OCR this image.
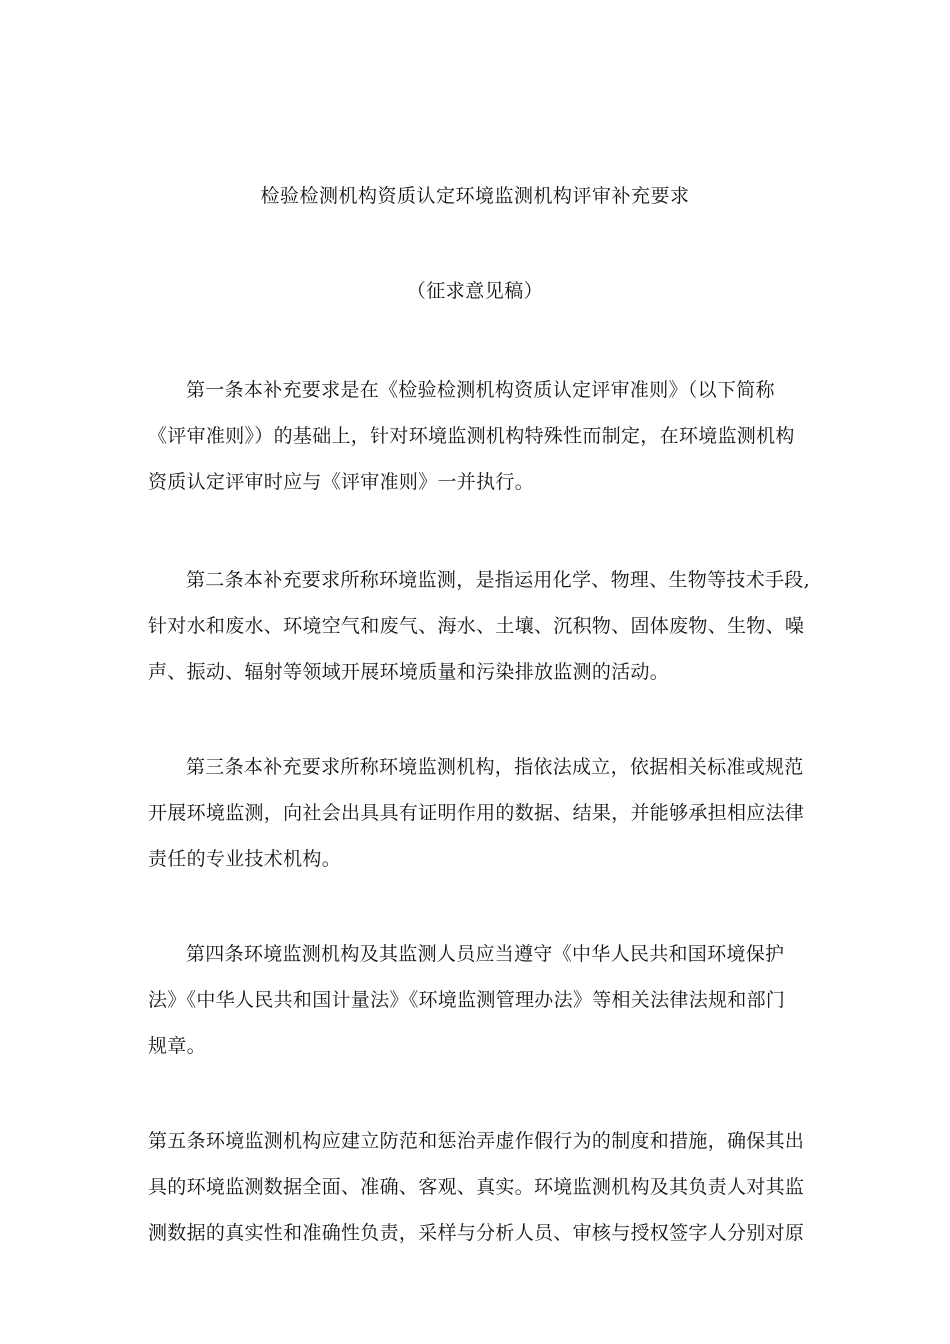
检验检测机构资质认定环境监测机构评审补充要求
（征求意见稿）
第一条本补充要求是在《检验检测机构资质认定评审准则》（以下简称
《评审准则》）的基础上，针对环境监测机构特殊性而制定，在环境监测机构
资质认定评审时应与《评审准则》一并执行。
第二条本补充要求所称环境监测，是指运用化学、物理、生物等技术手段,
针对水和废水、环境空气和废气、海水、土壤、沉积物、固体废物、生物、噪
声、振动、辐射等领域开展环境质量和污染排放监测的活动。
第三条本补充要求所称环境监测机构，指依法成立，依据相关标准或规范
开展环境监测，向社会出具具有证明作用的数据、结果，并能够承担相应法律
责任的专业技术机构。
第四条环境监测机构及其监测人员应当遵守《中华人民共和国环境保护
法》《中华人民共和国计量法》《环境监测管理办法》等相关法律法规和部门
规章。
第五条环境监测机构应建立防范和惩治弄虚作假行为的制度和措施，确保其出
具的环境监测数据全面、准确、客观、真实。环境监测机构及其负责人对其监
测数据的真实性和准确性负责，采样与分析人员、审核与授权签字人分别对原
